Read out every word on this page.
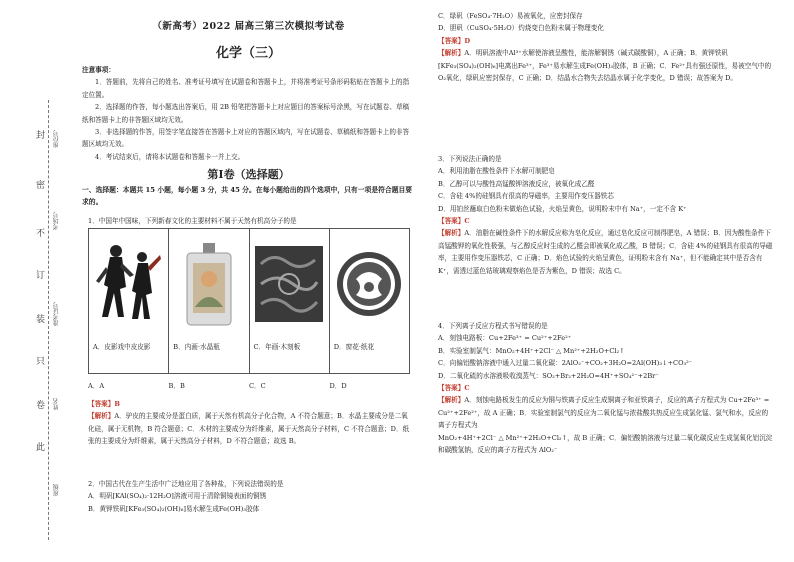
封
密
不
订
装
只
卷
此
座位号
考场号
准考证号
姓名
班级
（新高考）2022 届高三第三次模拟考试卷
化学（三）
注意事项：

1．答题前，先将自己的姓名、准考证号填写在试题卷和答题卡上，并将准考证号条形码粘贴在答题卡上的指定位置。

2．选择题的作答，每小题选出答案后，用 2B 铅笔把答题卡上对应题目的答案标号涂黑，写在试题卷、草稿纸和答题卡上的非答题区域均无效。

3．非选择题的作答，用签字笔直接答在答题卡上对应的答题区域内，写在试题卷、草稿纸和答题卡上的非答题区域均无效。

4．考试结束后，请将本试题卷和答题卡一并上交。

第Ⅰ卷（选择题）
一、选择题：本题共 15 小题，每小题 3 分，共 45 分。在每小题给出的四个选项中，只有一项是符合题目要求的。
1．中国年中国味，下列新春文化的主要材料不属于天然有机高分子的是
A．皮影戏中皮皮影	B．内画·水晶瓶	C．年画·木刻板	D．窗花·纸花
A．A	B．B	C．C	D．D

【答案】B

【解析】A．驴皮的主要成分是蛋白质，属于天然有机高分子化合物，A 不符合题意；B．水晶主要成分是二氧化硅，属于无机物，B 符合题意；C．木材的主要成分为纤维素，属于天然高分子材料，C 不符合题意；D．纸张的主要成分为纤维素，属于天然高分子材料，D 不符合题意；故选 B。

2．中国古代在生产生活中广泛地应用了各种盐，下列说法错误的是

A．明矾[KAl(SO₄)₂·12H₂O]溶液可用于清除铜镜表面的铜锈

B．黄钾铁矾[KFe₃(SO₄)₂(OH)₆]易水解生成Fe(OH)₃胶体

C．绿矾（FeSO₄·7H₂O）易被氧化，应密封保存

D．胆矾（CuSO₄·5H₂O）灼烧变白色粉末属于物理变化

【答案】D

【解析】A．明矾溶液中Al³⁺水解使溶液呈酸性，能溶解铜锈（碱式碳酸铜），A 正确；B．黄钾铁矾[KFe₃(SO₄)₂(OH)₆]电离出Fe³⁺，Fe³⁺易水解生成Fe(OH)₃胶体，B 正确；C．Fe²⁺具有强还原性，易被空气中的O₂氧化，绿矾应密封保存，C 正确；D．结晶水合物失去结晶水属于化学变化，D 错误；故答案为 D。

3．下列说法正确的是

A．利用油脂在酸性条件下水解可制肥皂

B．乙醇可以与酸性高锰酸钾溶液反应，被氧化成乙醛

C．含硅 4%的硅钢具有很高的导磁率，主要用作变压器铁芯

D．用铂丝蘸取白色粉末做焰色试验，火焰呈黄色，说明粉末中有 Na⁺，一定不含 K⁺

【答案】C

【解析】A．油脂在碱性条件下的水解反应称为皂化反应，通过皂化反应可制得肥皂，A 错误；B．因为酸性条件下高锰酸钾的氧化性极强，与乙醇反应时生成的乙醛会即被氧化成乙酸，B 错误；C．含硅 4%的硅钢具有很高的导磁率，主要用作变压器铁芯，C 正确；D．焰色试验的火焰呈黄色，证明粉末含有 Na⁺，但不能确定其中是否含有 K⁺，需透过蓝色钴玻璃观察焰色是否为紫色，D 错误；故选 C。

4．下列离子反应方程式书写错误的是

A．刻蚀电路板：Cu+2Fe³⁺ = Cu²⁺+2Fe²⁺

B．实验室制氯气：MnO₂+4H⁺+2Cl⁻ △ Mn²⁺+2H₂O+Cl₂↑

C．向偏铝酸钠溶液中通入过量二氧化碳：2AlO₂⁻+CO₂+3H₂O=2Al(OH)₃↓+CO₃²⁻

D．二氧化硫的水溶液吸收溴蒸气：SO₂+Br₂+2H₂O=4H⁺+SO₄²⁻+2Br⁻

【答案】C

【解析】A．刻蚀电路板发生的反应为铜与铁离子反应生成铜离子和亚铁离子，反应的离子方程式为 Cu+2Fe³⁺ = Cu²⁺+2Fe²⁺，故 A 正确；B．实验室制氯气的反应为二氧化锰与浓盐酸共热反应生成氯化锰、氯气和水，反应的离子方程式为

MnO₂+4H⁺+2Cl⁻ △ Mn²⁺+2H₂O+Cl₂↑，故 B 正确；C．偏铝酸钠溶液与过量二氧化碳反应生成氢氧化铝沉淀和碳酸氢钠，反应的离子方程式为 AlO₂⁻
